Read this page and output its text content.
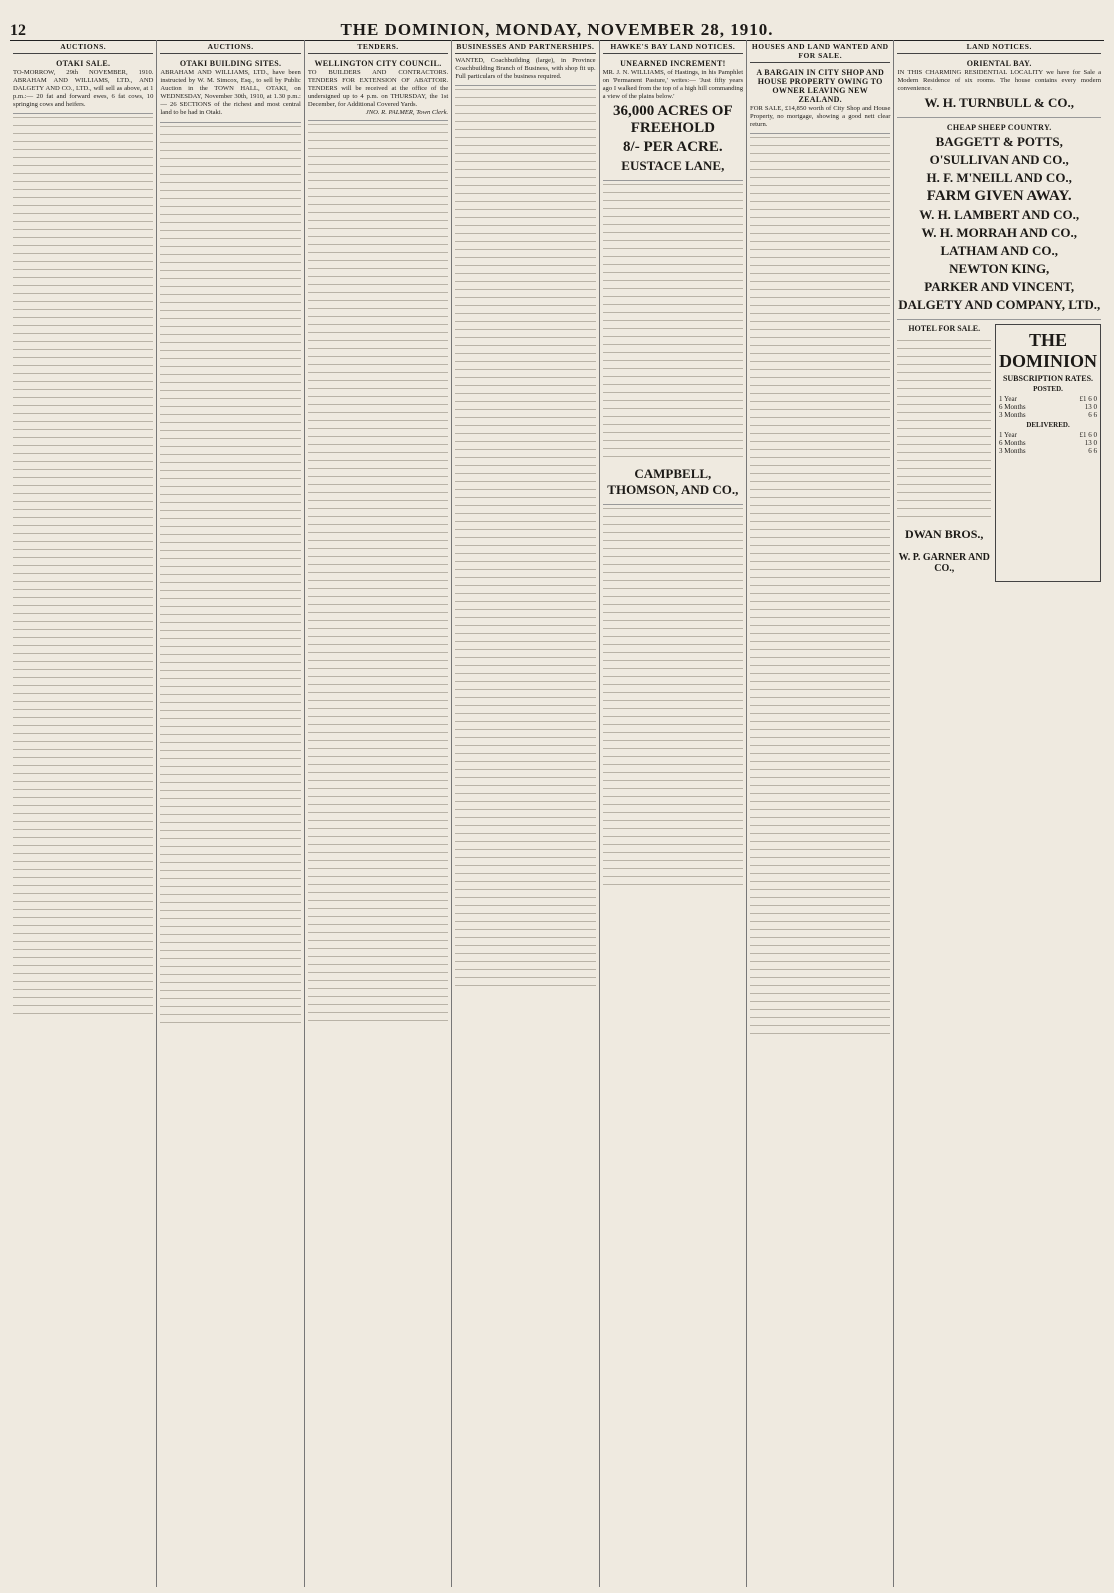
12	THE DOMINION, MONDAY, NOVEMBER 28, 1910.
AUCTIONS.
OTAKI SALE.

TO-MORROW, 29th NOVEMBER, 1910. ABRAHAM AND WILLIAMS, LTD., AND DALGETY AND CO., LTD., will sell as above, at 1 p.m.:— 20 fat and forward ewes, 6 fat cows, 10 springing cows and heifers.

AUCTIONS.
OTAKI BUILDING SITES.

ABRAHAM AND WILLIAMS, LTD., have been instructed by W. M. Simcox, Esq., to sell by Public Auction in the TOWN HALL, OTAKI, on WEDNESDAY, November 30th, 1910, at 1.30 p.m.:— 26 SECTIONS of the richest and most central land to be had in Otaki.

TENDERS.
WELLINGTON CITY COUNCIL.

TO BUILDERS AND CONTRACTORS. TENDERS FOR EXTENSION OF ABATTOIR. TENDERS will be received at the office of the undersigned up to 4 p.m. on THURSDAY, the 1st December, for Additional Covered Yards.

JNO. R. PALMER, Town Clerk.
BUSINESSES AND PARTNERSHIPS.

WANTED, Coachbuilding (large), in Province Coachbuilding Branch of Business, with shop fit up. Full particulars of the business required.

HAWKE'S BAY LAND NOTICES.
UNEARNED INCREMENT!

MR. J. N. WILLIAMS, of Hastings, in his Pamphlet on 'Permanent Pasture,' writes:— 'Just fifty years ago I walked from the top of a high hill commanding a view of the plains below.'

36,000 ACRES OF FREEHOLD
8/- PER ACRE.
EUSTACE LANE,
CAMPBELL, THOMSON, AND CO.,
HOUSES AND LAND WANTED AND FOR SALE.
A BARGAIN IN CITY SHOP AND HOUSE PROPERTY OWING TO OWNER LEAVING NEW ZEALAND.

FOR SALE, £14,850 worth of City Shop and House Property, no mortgage, showing a good nett clear return.

LAND NOTICES.
ORIENTAL BAY.

IN THIS CHARMING RESIDENTIAL LOCALITY we have for Sale a Modern Residence of six rooms. The house contains every modern convenience.

W. H. TURNBULL & CO.,
CHEAP SHEEP COUNTRY.
BAGGETT & POTTS,
O'SULLIVAN AND CO.,
H. F. M'NEILL AND CO.,
FARM GIVEN AWAY.
W. H. LAMBERT AND CO.,
W. H. MORRAH AND CO.,
LATHAM AND CO.,
NEWTON KING,
PARKER AND VINCENT,
DALGETY AND COMPANY, LTD.,
HOTEL FOR SALE.
DWAN BROS.,
W. P. GARNER AND CO.,
THE DOMINION
SUBSCRIPTION RATES.
POSTED.
1 Year	£1 6 0
6 Months	13 0
3 Months	6 6
DELIVERED.
1 Year	£1 6 0
6 Months	13 0
3 Months	6 6
